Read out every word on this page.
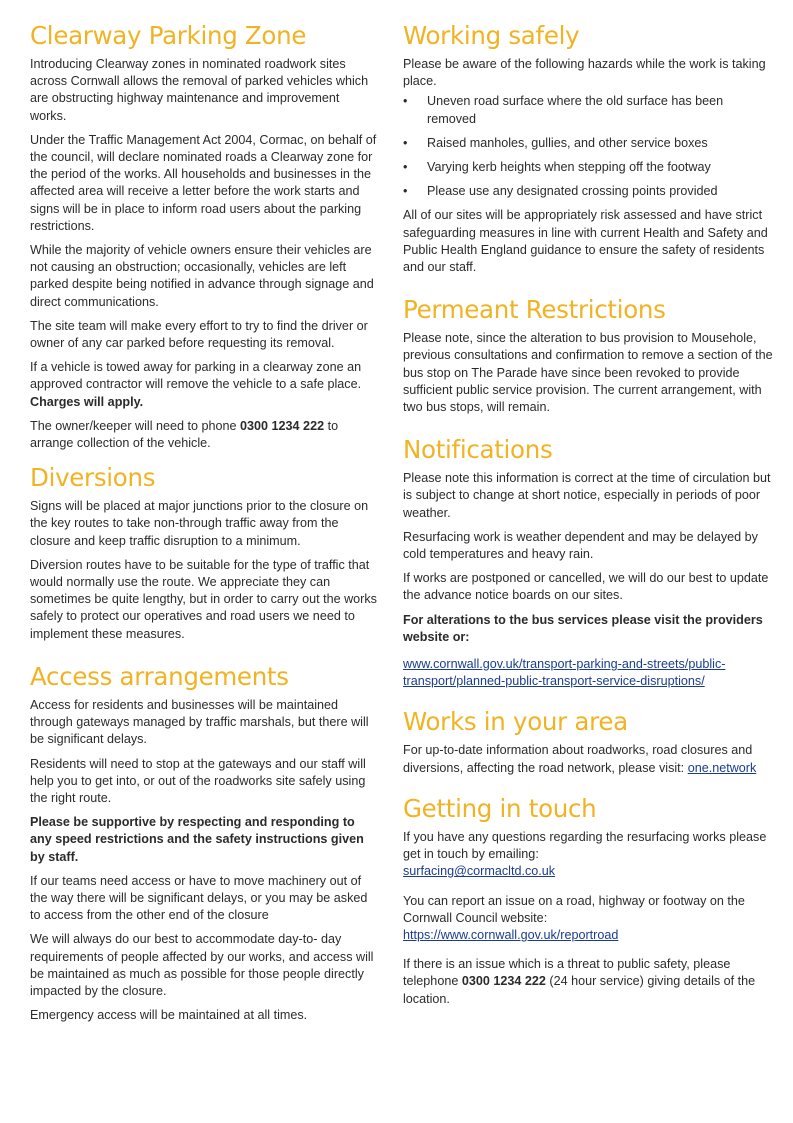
Clearway Parking Zone

Introducing Clearway zones in nominated roadwork sites across Cornwall allows the removal of parked vehicles which are obstructing highway maintenance and improvement works.

Under the Traffic Management Act 2004, Cormac, on behalf of the council, will declare nominated roads a Clearway zone for the period of the works. All households and businesses in the affected area will receive a letter before the work starts and signs will be in place to inform road users about the parking restrictions.

While the majority of vehicle owners ensure their vehicles are not causing an obstruction; occasionally, vehicles are left parked despite being notified in advance through signage and direct communications.

The site team will make every effort to try to find the driver or owner of any car parked before requesting its removal.

If a vehicle is towed away for parking in a clearway zone an approved contractor will remove the vehicle to a safe place. Charges will apply.

The owner/keeper will need to phone 0300 1234 222 to arrange collection of the vehicle.

Diversions

Signs will be placed at major junctions prior to the closure on the key routes to take non-through traffic away from the closure and keep traffic disruption to a minimum.

Diversion routes have to be suitable for the type of traffic that would normally use the route. We appreciate they can sometimes be quite lengthy, but in order to carry out the works safely to protect our operatives and road users we need to implement these measures.

Access arrangements

Access for residents and businesses will be maintained through gateways managed by traffic marshals, but there will be significant delays.

Residents will need to stop at the gateways and our staff will help you to get into, or out of the roadworks site safely using the right route.

Please be supportive by respecting and responding to any speed restrictions and the safety instructions given by staff.

If our teams need access or have to move machinery out of the way there will be significant delays, or you may be asked to access from the other end of the closure

We will always do our best to accommodate day-to- day requirements of people affected by our works, and access will be maintained as much as possible for those people directly impacted by the closure.

Emergency access will be maintained at all times.

Working safely

Please be aware of the following hazards while the work is taking place.

• Uneven road surface where the old surface has been removed
• Raised manholes, gullies, and other service boxes
• Varying kerb heights when stepping off the footway
• Please use any designated crossing points provided

All of our sites will be appropriately risk assessed and have strict safeguarding measures in line with current Health and Safety and Public Health England guidance to ensure the safety of residents and our staff.

Permeant Restrictions

Please note, since the alteration to bus provision to Mousehole, previous consultations and confirmation to remove a section of the bus stop on The Parade have since been revoked to provide sufficient public service provision. The current arrangement, with two bus stops, will remain.

Notifications

Please note this information is correct at the time of circulation but is subject to change at short notice, especially in periods of poor weather.

Resurfacing work is weather dependent and may be delayed by cold temperatures and heavy rain.

If works are postponed or cancelled, we will do our best to update the advance notice boards on our sites.

For alterations to the bus services please visit the providers website or:

www.cornwall.gov.uk/transport-parking-and-streets/public-transport/planned-public-transport-service-disruptions/

Works in your area

For up-to-date information about roadworks, road closures and diversions, affecting the road network, please visit: one.network

Getting in touch

If you have any questions regarding the resurfacing works please get in touch by emailing:
surfacing@cormacltd.co.uk

You can report an issue on a road, highway or footway on the Cornwall Council website:
https://www.cornwall.gov.uk/reportroad

If there is an issue which is a threat to public safety, please telephone 0300 1234 222 (24 hour service) giving details of the location.
